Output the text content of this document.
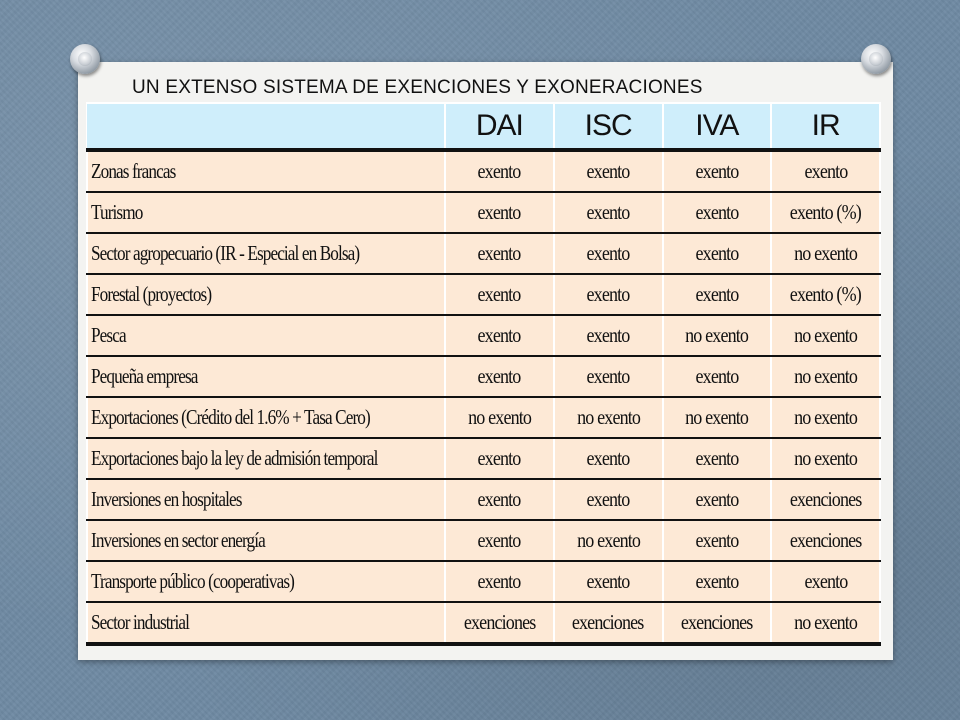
UN EXTENSO SISTEMA DE EXENCIONES Y EXONERACIONES
	DAI	ISC	IVA	IR
Zonas francas	exento	exento	exento	exento
Turismo	exento	exento	exento	exento (%)
Sector agropecuario (IR - Especial en Bolsa)	exento	exento	exento	no exento
Forestal (proyectos)	exento	exento	exento	exento (%)
Pesca	exento	exento	no exento	no exento
Pequeña empresa	exento	exento	exento	no exento
Exportaciones (Crédito del 1.6% + Tasa Cero)	no exento	no exento	no exento	no exento
Exportaciones bajo la ley de admisión temporal	exento	exento	exento	no exento
Inversiones en hospitales	exento	exento	exento	exenciones
Inversiones en sector energía	exento	no exento	exento	exenciones
Transporte público (cooperativas)	exento	exento	exento	exento
Sector industrial	exenciones	exenciones	exenciones	no exento
